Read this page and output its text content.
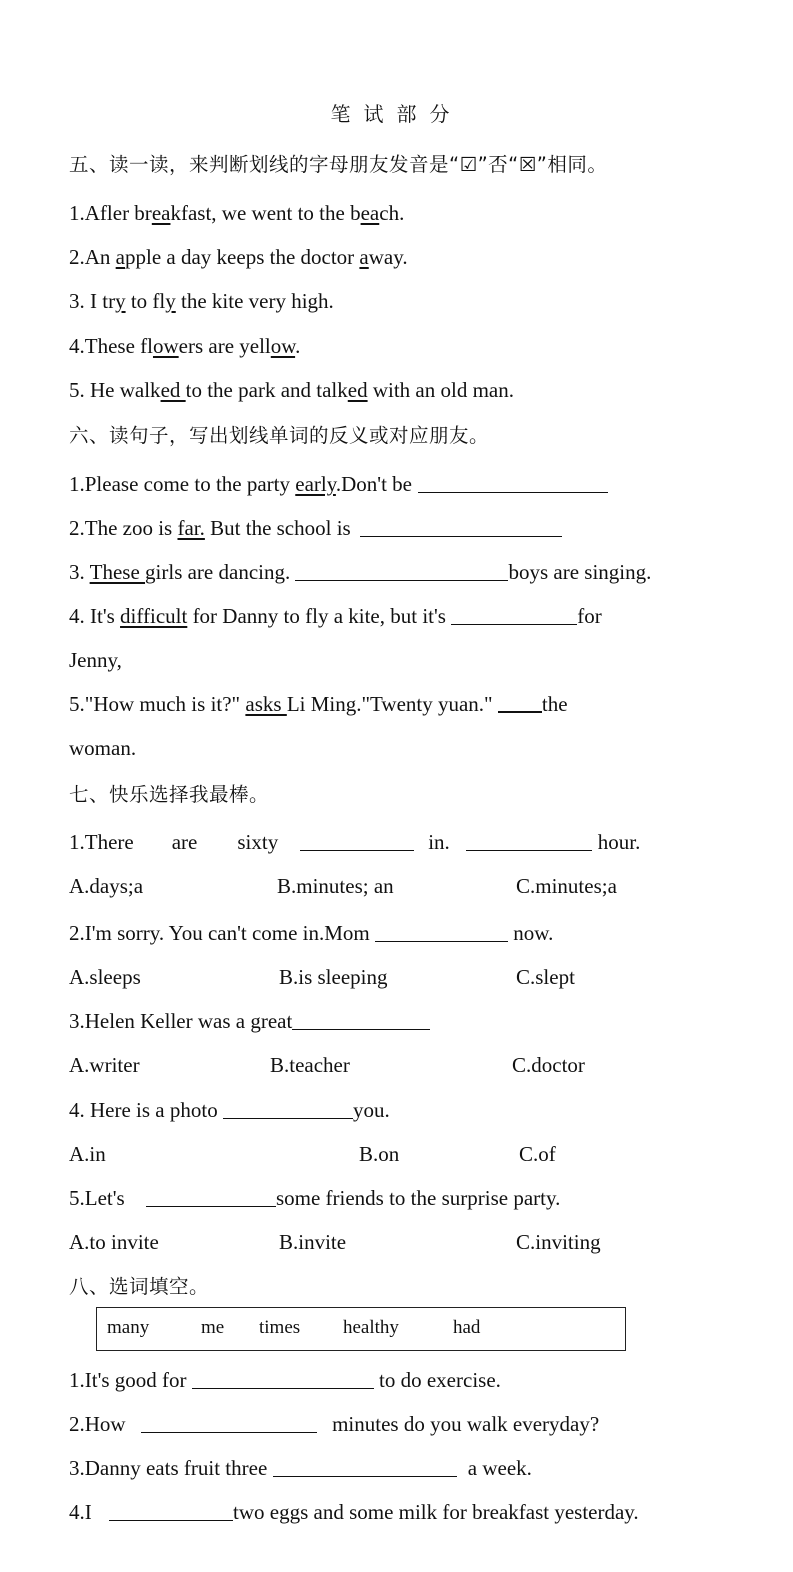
笔试部分
五、读一读，来判断划线的字母朋友发音是“☑”否“☒”相同。
1.Afler breakfast, we went to the beach.
2.An apple a day keeps the doctor away.
3. I try to fly the kite very high.
4.These flowers are yellow.
5. He walked to the park and talked with an old man.
六、读句子，写出划线单词的反义或对应朋友。
1.Please come to the party early.Don't be
2.The zoo is far. But the school is
3. These girls are dancing.	boys are singing.
4. It's difficult for Danny to fly a kite, but it's	for
Jenny,
5."How much is it?" asks Li Ming."Twenty yuan." the
woman.
七、快乐选择我最棒。
1.There are sixty	in.	hour.
A.days;a	B.minutes; an	C.minutes;a
2.I'm sorry. You can't come in.Mom	now.
A.sleeps	B.is sleeping	C.slept
3.Helen Keller was a great
A.writer	B.teacher	C.doctor
4. Here is a photo	you.
A.in	B.on	C.of
5.Let's	some friends to the surprise party.
A.to invite	B.invite	C.inviting
八、选词填空。
many	me times healthy	had
1.It's good for	to do exercise.
2.How	minutes do you walk everyday?
3.Danny eats fruit three	a week.
4.I	two eggs and some milk for breakfast yesterday.
